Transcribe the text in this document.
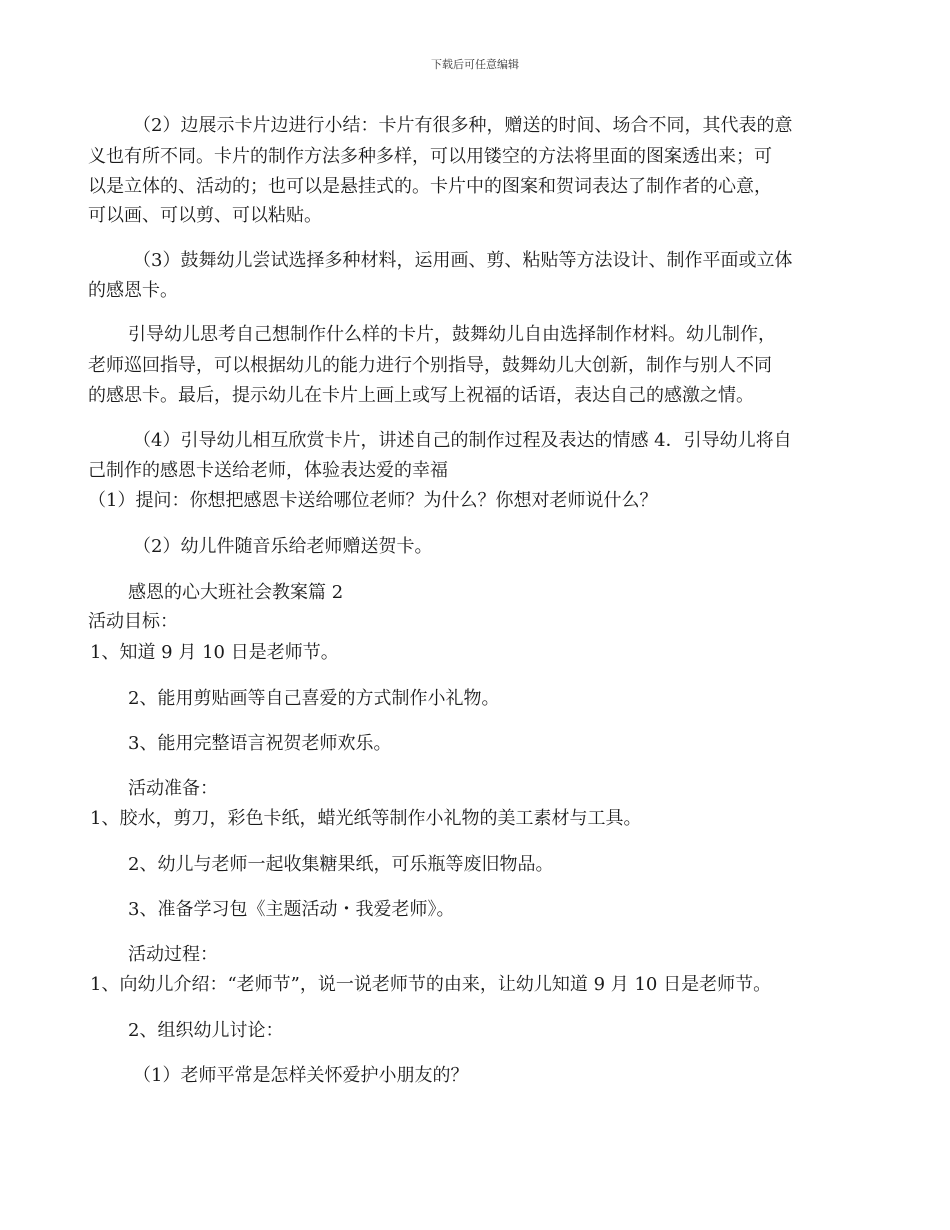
下载后可任意编辑
（2）边展示卡片边进行小结：卡片有很多种，赠送的时间、场合不同，其代表的意
义也有所不同。卡片的制作方法多种多样，可以用镂空的方法将里面的图案透出来；可
以是立体的、活动的；也可以是悬挂式的。卡片中的图案和贺词表达了制作者的心意，
可以画、可以剪、可以粘贴。
（3）鼓舞幼儿尝试选择多种材料，运用画、剪、粘贴等方法设计、制作平面或立体
的感恩卡。
引导幼儿思考自己想制作什么样的卡片，鼓舞幼儿自由选择制作材料。幼儿制作，
老师巡回指导，可以根据幼儿的能力进行个别指导，鼓舞幼儿大创新，制作与别人不同
的感思卡。最后，提示幼儿在卡片上画上或写上祝福的话语，表达自己的感激之情。
（4）引导幼儿相互欣赏卡片，讲述自己的制作过程及表达的情感 4．引导幼儿将自
己制作的感恩卡送给老师，体验表达爱的幸福
（1）提问：你想把感恩卡送给哪位老师？为什么？你想对老师说什么？
（2）幼儿件随音乐给老师赠送贺卡。
感恩的心大班社会教案篇 2
活动目标：
1、知道 9 月 10 日是老师节。
2、能用剪贴画等自己喜爱的方式制作小礼物。
3、能用完整语言祝贺老师欢乐。
活动准备：
1、胶水，剪刀，彩色卡纸，蜡光纸等制作小礼物的美工素材与工具。
2、幼儿与老师一起收集糖果纸，可乐瓶等废旧物品。
3、准备学习包《主题活动・我爱老师》。
活动过程：
1、向幼儿介绍：“老师节”，说一说老师节的由来，让幼儿知道 9 月 10 日是老师节。
2、组织幼儿讨论：
（1）老师平常是怎样关怀爱护小朋友的？
